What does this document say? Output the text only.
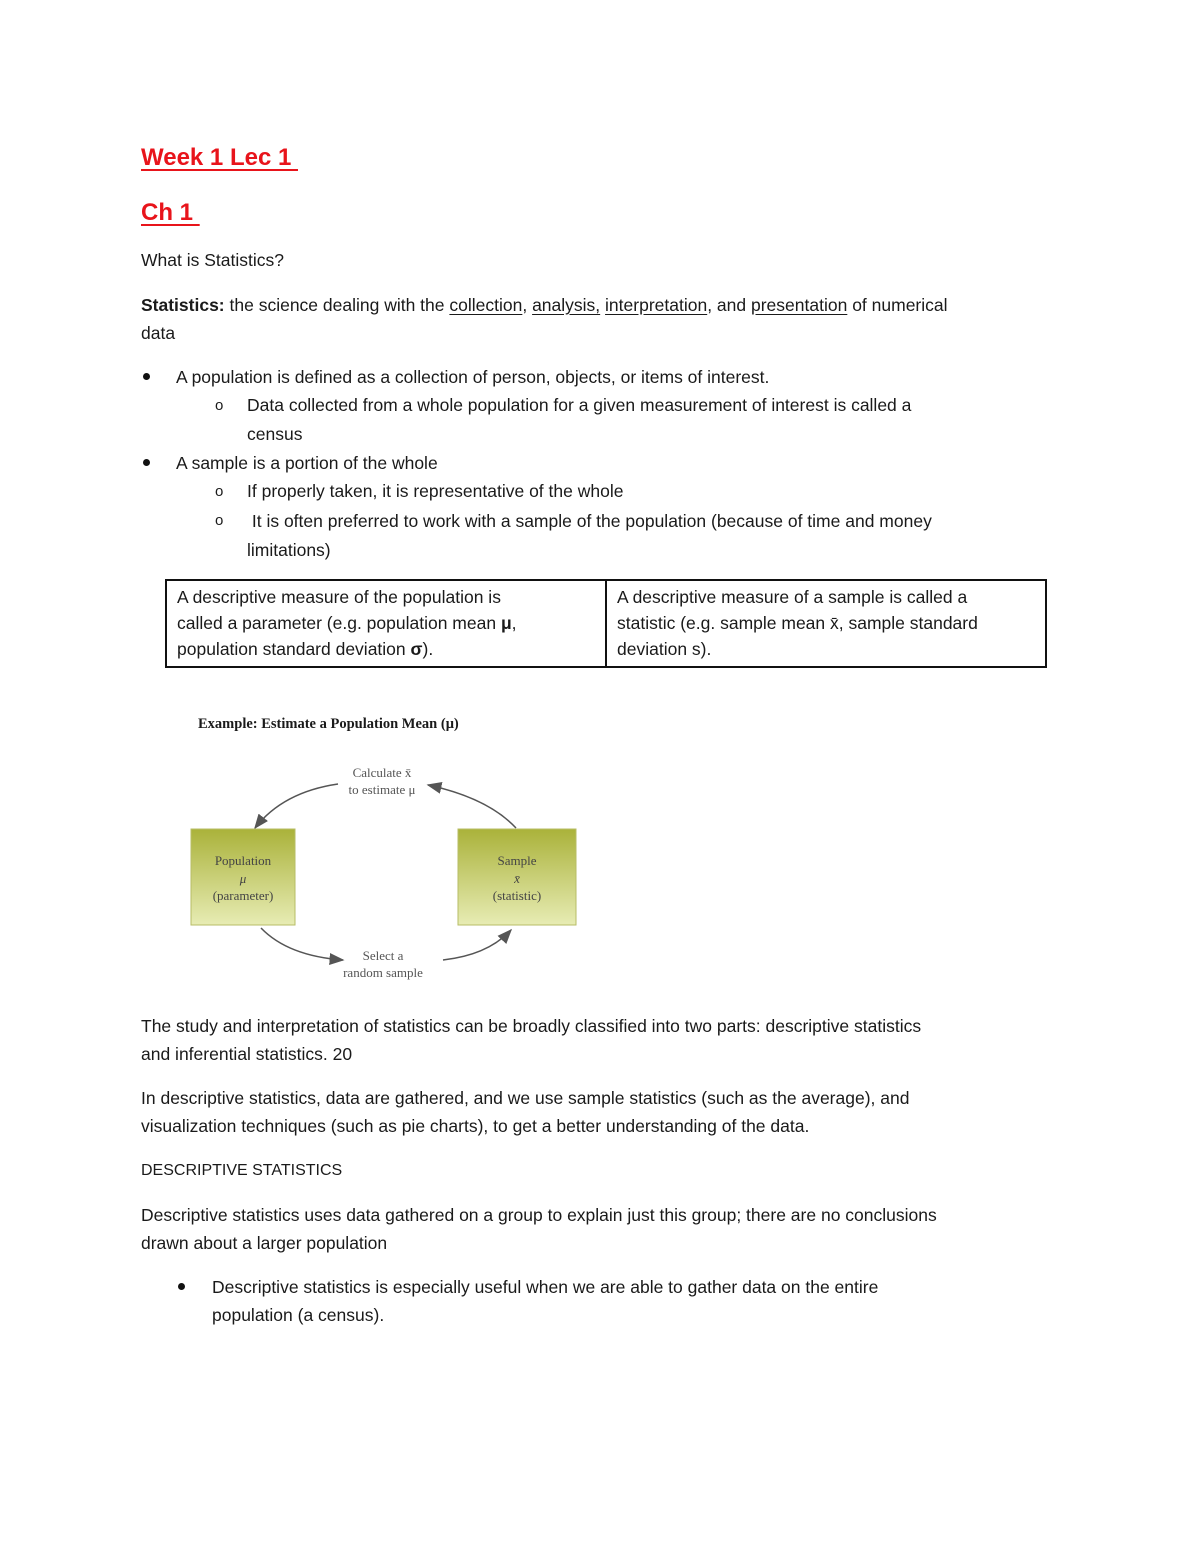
Week 1 Lec 1
Ch 1
What is Statistics?
Statistics: the science dealing with the collection, analysis, interpretation, and presentation of numerical
data
A population is defined as a collection of person, objects, or items of interest.
o Data collected from a whole population for a given measurement of interest is called a
census
A sample is a portion of the whole
o If properly taken, it is representative of the whole
o It is often preferred to work with a sample of the population (because of time and money
limitations)
A descriptive measure of the population is
called a parameter (e.g. population mean μ,
population standard deviation σ).

A descriptive measure of a sample is called a
statistic (e.g. sample mean x̄, sample standard
deviation s).
Example: Estimate a Population Mean (μ)
Calculate x̄
to estimate μ
Population
μ
(parameter)
Sample
x̄
(statistic)
Select a
random sample
The study and interpretation of statistics can be broadly classified into two parts: descriptive statistics
and inferential statistics. 20
In descriptive statistics, data are gathered, and we use sample statistics (such as the average), and
visualization techniques (such as pie charts), to get a better understanding of the data.
DESCRIPTIVE STATISTICS
Descriptive statistics uses data gathered on a group to explain just this group; there are no conclusions
drawn about a larger population
Descriptive statistics is especially useful when we are able to gather data on the entire
population (a census).
